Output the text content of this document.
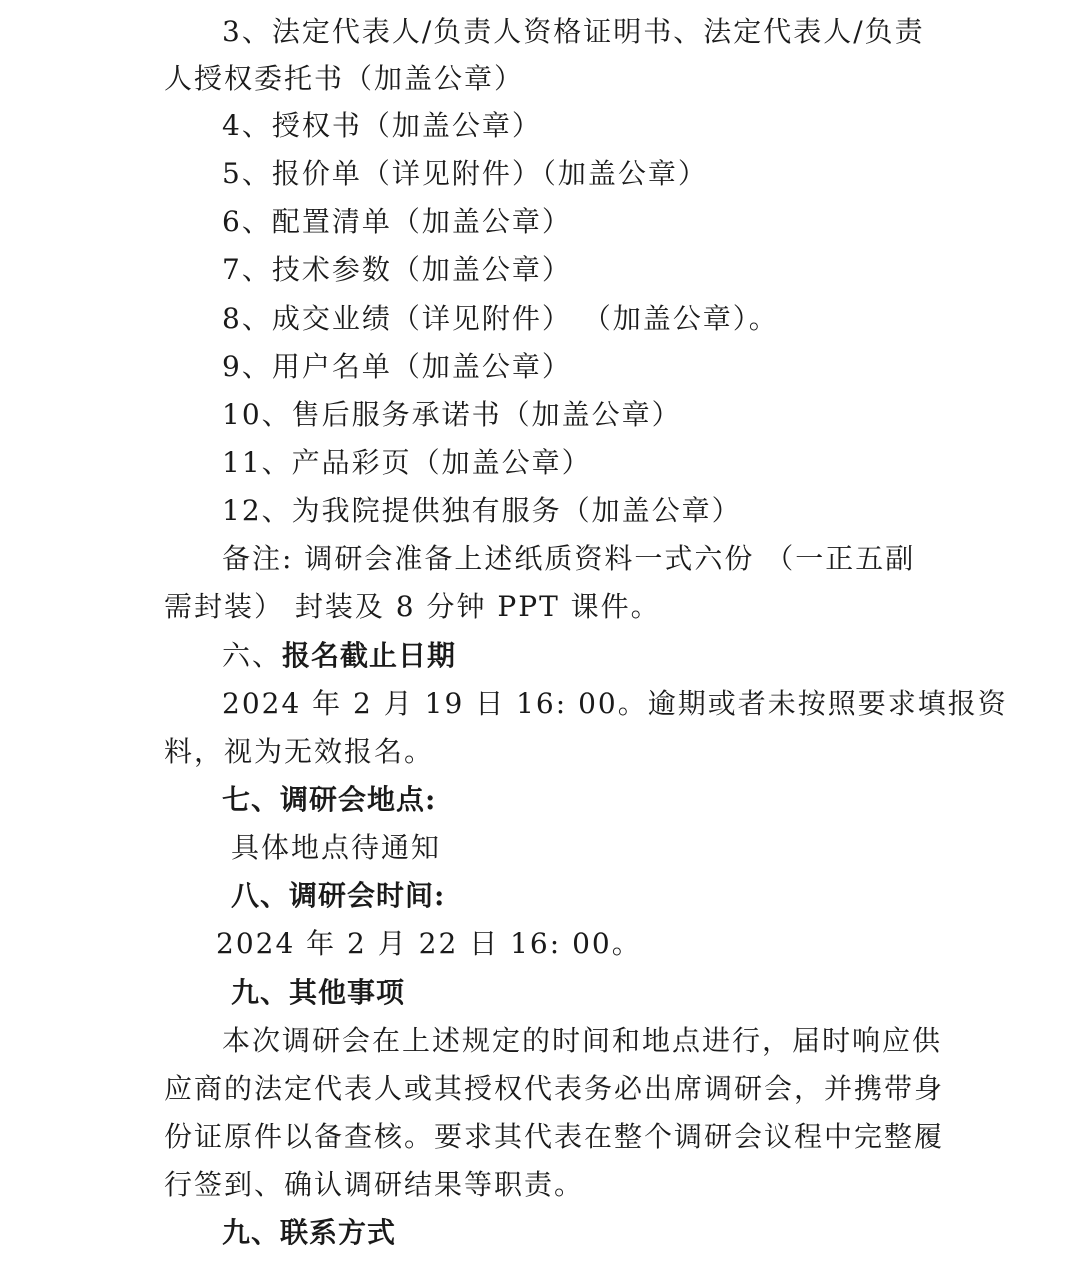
3、法定代表人/负责人资格证明书、法定代表人/负责
人授权委托书（加盖公章）
4、授权书（加盖公章）
5、报价单（详见附件）（加盖公章）
6、配置清单（加盖公章）
7、技术参数（加盖公章）
8、成交业绩（详见附件） （加盖公章）。
9、用户名单（加盖公章）
10、售后服务承诺书（加盖公章）
11、产品彩页（加盖公章）
12、为我院提供独有服务（加盖公章）
备注: 调研会准备上述纸质资料一式六份 （一正五副
需封装） 封装及 8 分钟 PPT 课件。
六、报名截止日期
2024 年 2 月 19 日 16: 00。逾期或者未按照要求填报资
料，视为无效报名。
七、调研会地点:
具体地点待通知
八、调研会时间:
2024 年 2 月 22 日 16: 00。
九、其他事项
本次调研会在上述规定的时间和地点进行，届时响应供
应商的法定代表人或其授权代表务必出席调研会，并携带身
份证原件以备查核。要求其代表在整个调研会议程中完整履
行签到、确认调研结果等职责。
九、联系方式
